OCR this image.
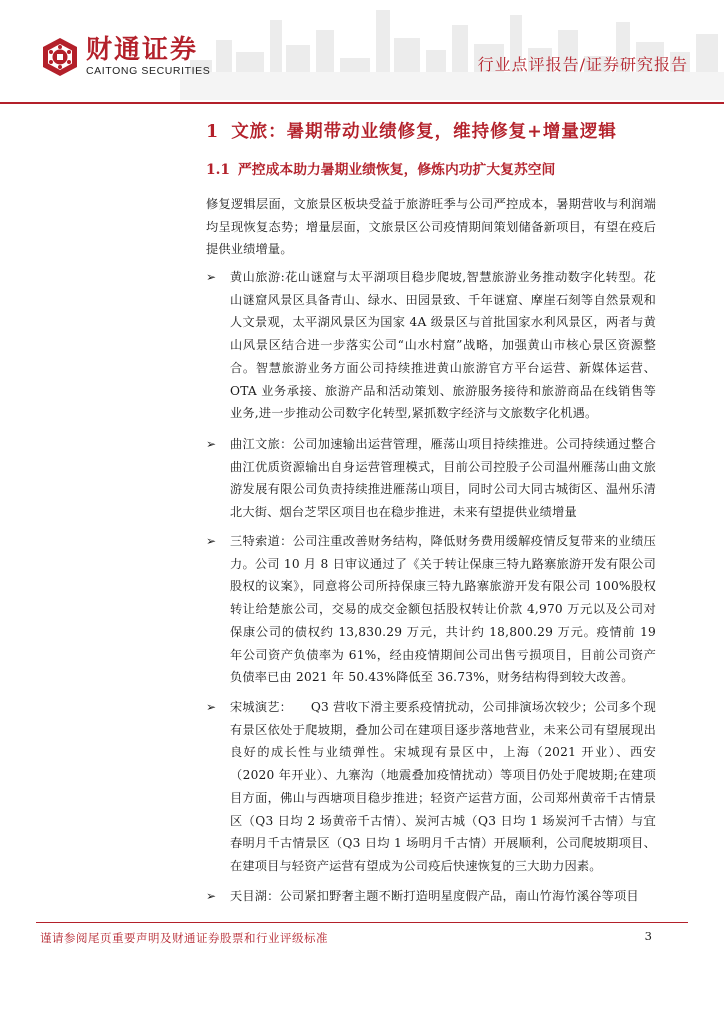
财通证券
CAITONG SECURITIES	行业点评报告/证券研究报告
1 文旅：暑期带动业绩修复，维持修复+增量逻辑
1.1 严控成本助力暑期业绩恢复，修炼内功扩大复苏空间

修复逻辑层面，文旅景区板块受益于旅游旺季与公司严控成本，暑期营收与利润端均呈现恢复态势；增量层面，文旅景区公司疫情期间策划储备新项目，有望在疫后提供业绩增量。

➢ 黄山旅游:花山谜窟与太平湖项目稳步爬坡,智慧旅游业务推动数字化转型。花山谜窟风景区具备青山、绿水、田园景致、千年谜窟、摩崖石刻等自然景观和人文景观，太平湖风景区为国家 4A 级景区与首批国家水利风景区，两者与黄山风景区结合进一步落实公司“山水村窟”战略，加强黄山市核心景区资源整合。智慧旅游业务方面公司持续推进黄山旅游官方平台运营、新媒体运营、OTA 业务承接、旅游产品和活动策划、旅游服务接待和旅游商品在线销售等业务,进一步推动公司数字化转型,紧抓数字经济与文旅数字化机遇。
➢ 曲江文旅：公司加速输出运营管理，雁荡山项目持续推进。公司持续通过整合曲江优质资源输出自身运营管理模式，目前公司控股子公司温州雁荡山曲文旅游发展有限公司负责持续推进雁荡山项目，同时公司大同古城街区、温州乐清北大街、烟台芝罘区项目也在稳步推进，未来有望提供业绩增量
➢ 三特索道：公司注重改善财务结构，降低财务费用缓解疫情反复带来的业绩压力。公司 10 月 8 日审议通过了《关于转让保康三特九路寨旅游开发有限公司股权的议案》，同意将公司所持保康三特九路寨旅游开发有限公司 100%股权转让给楚旅公司，交易的成交金额包括股权转让价款 4,970 万元以及公司对保康公司的债权约 13,830.29 万元，共计约 18,800.29 万元。疫情前 19 年公司资产负债率为 61%，经由疫情期间公司出售亏损项目，目前公司资产负债率已由 2021 年 50.43%降低至 36.73%，财务结构得到较大改善。
➢ 宋城演艺：　　Q3 营收下滑主要系疫情扰动，公司排演场次较少；公司多个现有景区依处于爬坡期，叠加公司在建项目逐步落地营业，未来公司有望展现出良好的成长性与业绩弹性。宋城现有景区中，上海（2021 开业）、西安（2020 年开业）、九寨沟（地震叠加疫情扰动）等项目仍处于爬坡期;在建项目方面，佛山与西塘项目稳步推进；轻资产运营方面，公司郑州黄帝千古情景区（Q3 日均 2 场黄帝千古情）、炭河古城（Q3 日均 1 场炭河千古情）与宜春明月千古情景区（Q3 日均 1 场明月千古情）开展顺利，公司爬坡期项目、在建项目与轻资产运营有望成为公司疫后快速恢复的三大助力因素。
➢ 天目湖：公司紧扣野奢主题不断打造明星度假产品，南山竹海竹溪谷等项目
谨请参阅尾页重要声明及财通证券股票和行业评级标准	3
